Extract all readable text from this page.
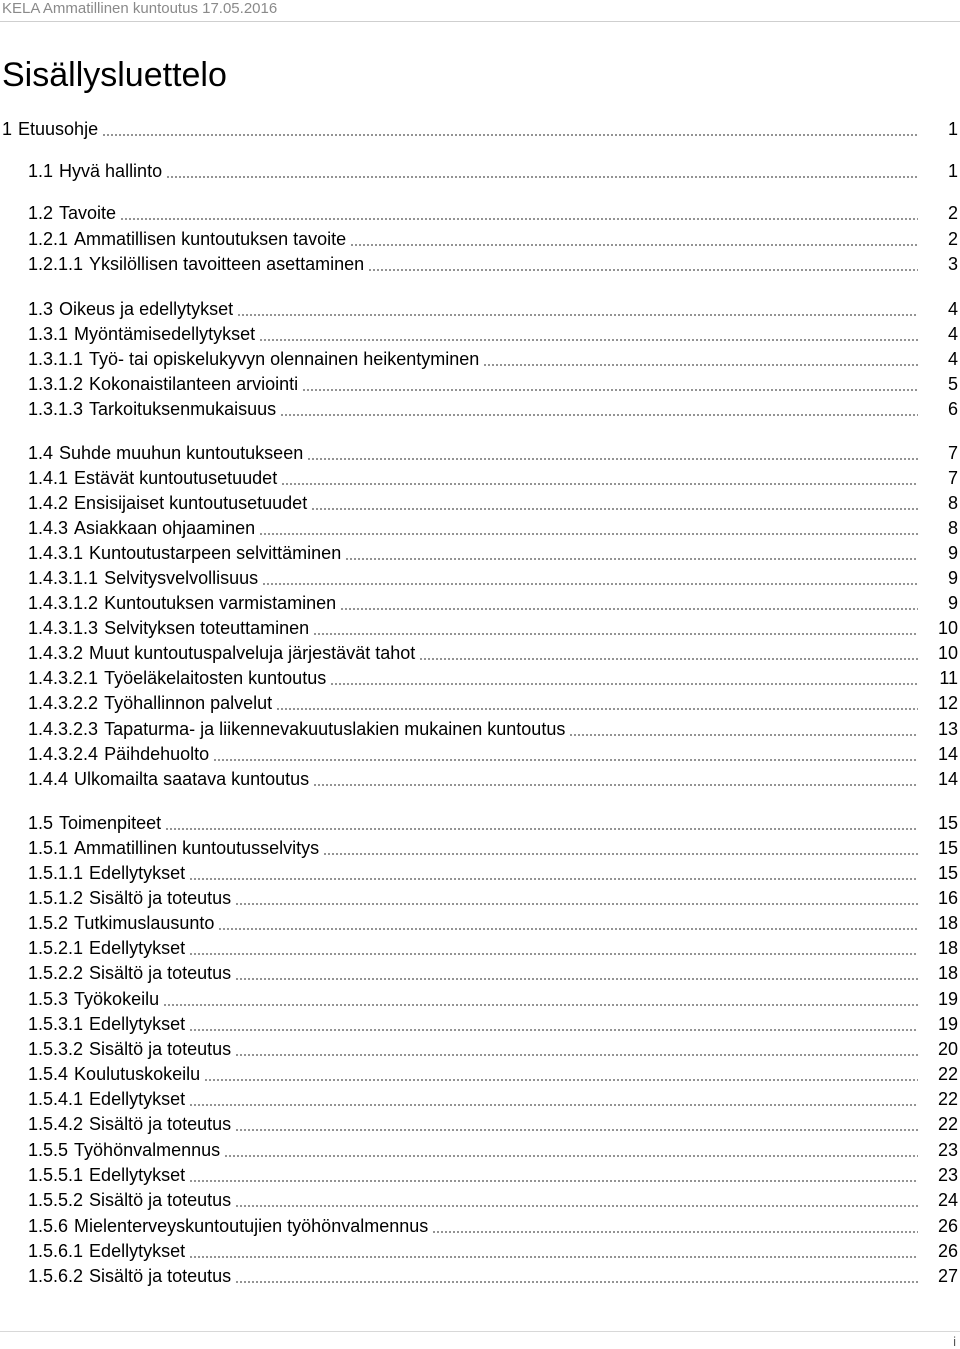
KELA Ammatillinen kuntoutus 17.05.2016
Sisällysluettelo
1 Etuusohje	1
1.1 Hyvä hallinto	1
1.2 Tavoite	2
1.2.1 Ammatillisen kuntoutuksen tavoite	2
1.2.1.1 Yksilöllisen tavoitteen asettaminen	3
1.3 Oikeus ja edellytykset	4
1.3.1 Myöntämisedellytykset	4
1.3.1.1 Työ- tai opiskelukyvyn olennainen heikentyminen	4
1.3.1.2 Kokonaistilanteen arviointi	5
1.3.1.3 Tarkoituksenmukaisuus	6
1.4 Suhde muuhun kuntoutukseen	7
1.4.1 Estävät kuntoutusetuudet	7
1.4.2 Ensisijaiset kuntoutusetuudet	8
1.4.3 Asiakkaan ohjaaminen	8
1.4.3.1 Kuntoutustarpeen selvittäminen	9
1.4.3.1.1 Selvitysvelvollisuus	9
1.4.3.1.2 Kuntoutuksen varmistaminen	9
1.4.3.1.3 Selvityksen toteuttaminen	10
1.4.3.2 Muut kuntoutuspalveluja järjestävät tahot	10
1.4.3.2.1 Työeläkelaitosten kuntoutus	11
1.4.3.2.2 Työhallinnon palvelut	12
1.4.3.2.3 Tapaturma- ja liikennevakuutuslakien mukainen kuntoutus	13
1.4.3.2.4 Päihdehuolto	14
1.4.4 Ulkomailta saatava kuntoutus	14
1.5 Toimenpiteet	15
1.5.1 Ammatillinen kuntoutusselvitys	15
1.5.1.1 Edellytykset	15
1.5.1.2 Sisältö ja toteutus	16
1.5.2 Tutkimuslausunto	18
1.5.2.1 Edellytykset	18
1.5.2.2 Sisältö ja toteutus	18
1.5.3 Työkokeilu	19
1.5.3.1 Edellytykset	19
1.5.3.2 Sisältö ja toteutus	20
1.5.4 Koulutuskokeilu	22
1.5.4.1 Edellytykset	22
1.5.4.2 Sisältö ja toteutus	22
1.5.5 Työhönvalmennus	23
1.5.5.1 Edellytykset	23
1.5.5.2 Sisältö ja toteutus	24
1.5.6 Mielenterveyskuntoutujien työhönvalmennus	26
1.5.6.1 Edellytykset	26
1.5.6.2 Sisältö ja toteutus	27
i
